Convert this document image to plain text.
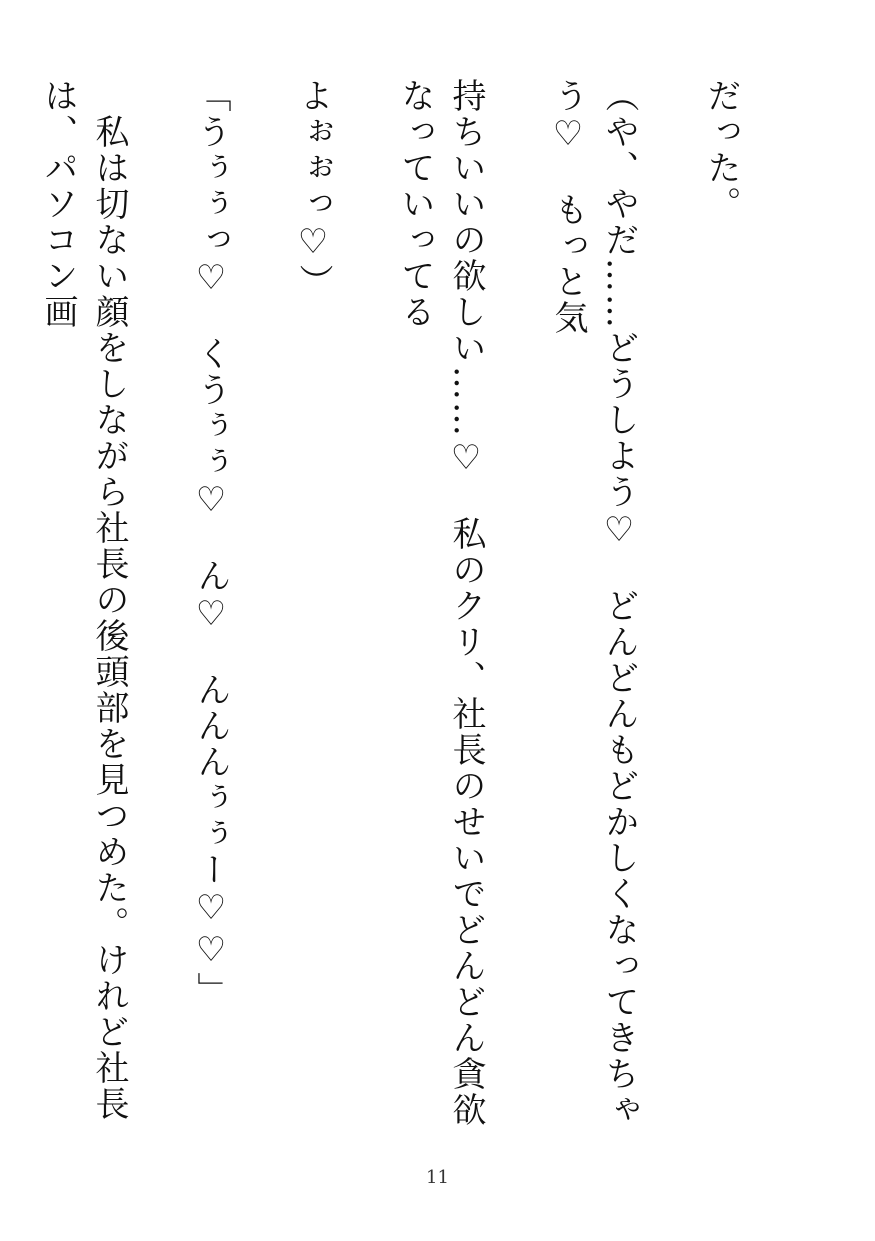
だった。

（や、やだ……どうしよう♡　どんどんもどかしくなってきちゃう♡　もっと気

持ちいいの欲しい……♡　私のクリ、社長のせいでどんどん貪欲なっていってる

よぉぉっ♡）

「うぅぅっ♡　くうぅぅ♡　ん♡　んんんぅぅー♡♡」

　私は切ない顔をしながら社長の後頭部を見つめた。けれど社長は、パソコン画

11
